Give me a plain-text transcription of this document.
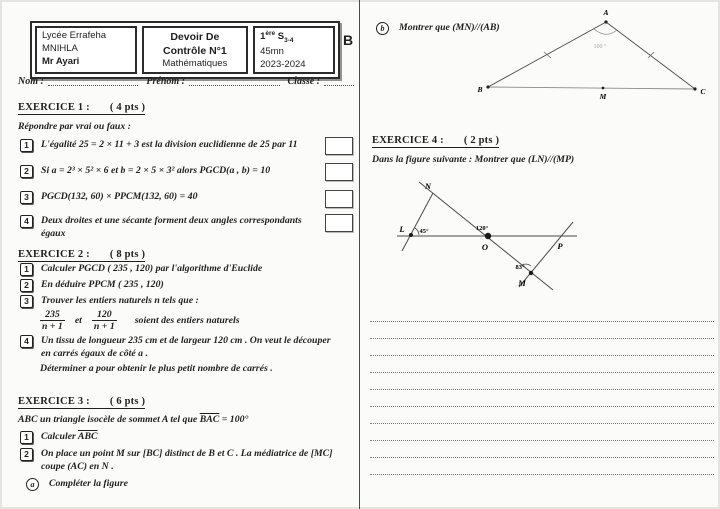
Lycée Errafeha
MNIHLA
Mr Ayari
Devoir De
Contrôle N°1
Mathématiques
1ère $S_{3-4}$
45mn
2023-2024
B
Nom :	Prénom :	Classe :
EXERCICE 1 : ( 4 pts )
Répondre par vrai ou faux :
1	L'égalité 25 = 2 × 11 + 3 est la division euclidienne de 25 par 11
2	Si a = 2³ × 5² × 6 et b = 2 × 5 × 3² alors PGCD(a , b) = 10
3	PGCD(132, 60) × PPCM(132, 60) = 40
4	Deux droites et une sécante forment deux angles correspondants égaux
EXERCICE 2 : ( 8 pts )
1	Calculer PGCD ( 235 , 120) par l'algorithme d'Euclide
2	En déduire PPCM ( 235 , 120)
3	Trouver les entiers naturels n tels que :
$\frac{235}{n + 1}$ et $\frac{120}{n + 1}$ soient des entiers naturels
4	Un tissu de longueur 235 cm et de largeur 120 cm . On veut le découper en carrés égaux de côté a .
Déterminer a pour obtenir le plus petit nombre de carrés .
EXERCICE 3 : ( 6 pts )
ABC un triangle isocèle de sommet A tel que $\overline{BAC} = 100^\circ$
1	Calculer $\overline{ABC}$
2	On place un point M sur [BC] distinct de B et C . La médiatrice de [MC] coupe (AC) en N .
a	Compléter la figure
b	Montrer que (MN)//(AB)
A
B	C
M
100 °
EXERCICE 4 : ( 2 pts )
Dans la figure suivante : Montrer que (LN)//(MP)
N
L 45°	120°
O	P
83°
M
